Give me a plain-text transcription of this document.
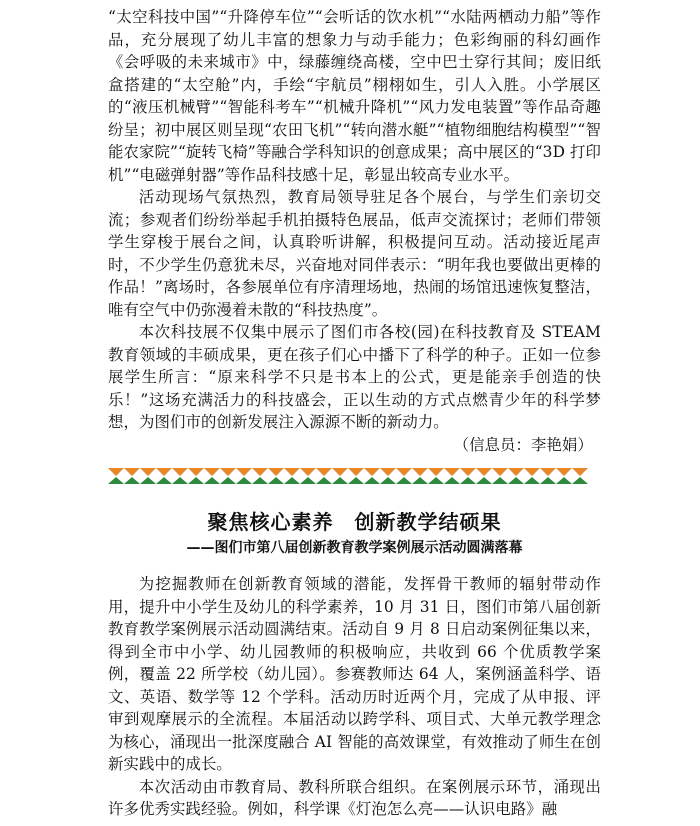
“太空科技中国”“升降停车位”“会听话的饮水机”“水陆两栖动力船”等作品，充分展现了幼儿丰富的想象力与动手能力；色彩绚丽的科幻画作《会呼吸的未来城市》中，绿藤缠绕高楼，空中巴士穿行其间；废旧纸盒搭建的“太空舱”内，手绘“宇航员”栩栩如生，引人入胜。小学展区的“液压机械臂”“智能科考车”“机械升降机”“风力发电装置”等作品奇趣纷呈；初中展区则呈现“农田飞机”“转向潜水艇”“植物细胞结构模型”“智能农家院”“旋转飞椅”等融合学科知识的创意成果；高中展区的“3D 打印机”“电磁弹射器”等作品科技感十足，彰显出较高专业水平。

活动现场气氛热烈，教育局领导驻足各个展台，与学生们亲切交流；参观者们纷纷举起手机拍摄特色展品，低声交流探讨；老师们带领学生穿梭于展台之间，认真聆听讲解，积极提问互动。活动接近尾声时，不少学生仍意犹未尽，兴奋地对同伴表示：“明年我也要做出更棒的作品！”离场时，各参展单位有序清理场地，热闹的场馆迅速恢复整洁，唯有空气中仍弥漫着未散的“科技热度”。

本次科技展不仅集中展示了图们市各校(园)在科技教育及 STEAM 教育领域的丰硕成果，更在孩子们心中播下了科学的种子。正如一位参展学生所言：“原来科学不只是书本上的公式，更是能亲手创造的快乐！”这场充满活力的科技盛会，正以生动的方式点燃青少年的科学梦想，为图们市的创新发展注入源源不断的新动力。

（信息员：李艳娟）

聚焦核心素养　创新教学结硕果
——图们市第八届创新教育教学案例展示活动圆满落幕

为挖掘教师在创新教育领域的潜能，发挥骨干教师的辐射带动作用，提升中小学生及幼儿的科学素养，10 月 31 日，图们市第八届创新教育教学案例展示活动圆满结束。活动自 9 月 8 日启动案例征集以来，得到全市中小学、幼儿园教师的积极响应，共收到 66 个优质教学案例，覆盖 22 所学校（幼儿园）。参赛教师达 64 人，案例涵盖科学、语文、英语、数学等 12 个学科。活动历时近两个月，完成了从申报、评审到观摩展示的全流程。本届活动以跨学科、项目式、大单元教学理念为核心，涌现出一批深度融合 AI 智能的高效课堂，有效推动了师生在创新实践中的成长。

本次活动由市教育局、教科所联合组织。在案例展示环节，涌现出许多优秀实践经验。例如，科学课《灯泡怎么亮——认识电路》融
